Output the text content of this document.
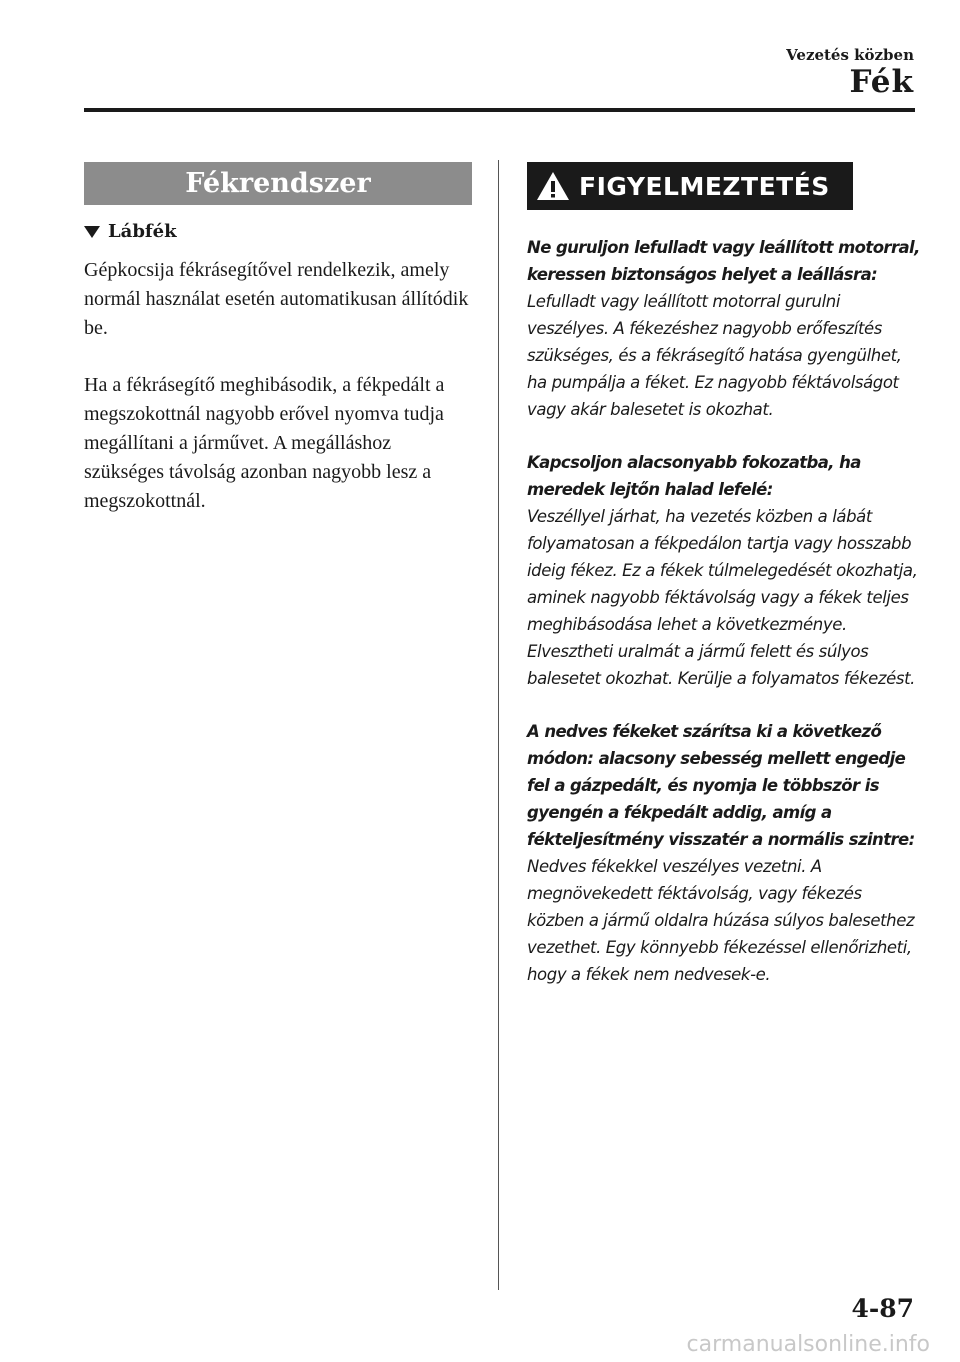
Vezetés közben
Fék
Fékrendszer
Lábfék

Gépkocsija fékrásegítővel rendelkezik, amely normál használat esetén automatikusan állítódik be.

Ha a fékrásegítő meghibásodik, a fékpedált a megszokottnál nagyobb erővel nyomva tudja megállítani a járművet. A megálláshoz szükséges távolság azonban nagyobb lesz a megszokottnál.

FIGYELMEZTETÉS

Ne guruljon lefulladt vagy leállított motorral, keressen biztonságos helyet a leállásra:

Lefulladt vagy leállított motorral gurulni veszélyes. A fékezéshez nagyobb erőfeszítés szükséges, és a fékrásegítő hatása gyengülhet, ha pumpálja a féket. Ez nagyobb féktávolságot vagy akár balesetet is okozhat.

Kapcsoljon alacsonyabb fokozatba, ha meredek lejtőn halad lefelé:

Veszéllyel járhat, ha vezetés közben a lábát folyamatosan a fékpedálon tartja vagy hosszabb ideig fékez. Ez a fékek túlmelegedését okozhatja, aminek nagyobb féktávolság vagy a fékek teljes meghibásodása lehet a következménye. Elvesztheti uralmát a jármű felett és súlyos balesetet okozhat. Kerülje a folyamatos fékezést.

A nedves fékeket szárítsa ki a következő módon: alacsony sebesség mellett engedje fel a gázpedált, és nyomja le többször is gyengén a fékpedált addig, amíg a fékteljesítmény visszatér a normális szintre:

Nedves fékekkel veszélyes vezetni. A megnövekedett féktávolság, vagy fékezés közben a jármű oldalra húzása súlyos balesethez vezethet. Egy könnyebb fékezéssel ellenőrizheti, hogy a fékek nem nedvesek-e.

4-87
carmanualsonline.info
